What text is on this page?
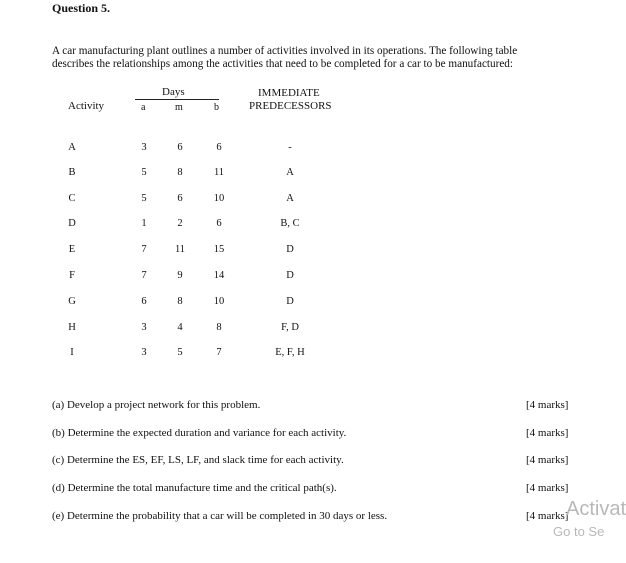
Question 5.
A car manufacturing plant outlines a number of activities involved in its operations. The following table
describes the relationships among the activities that need to be completed for a car to be manufactured:
Days
Activity	a	m	b
IMMEDIATE
PREDECESSORS
A	3	6	6	-
B	5	8	11	A
C	5	6	10	A
D	1	2	6	B, C
E	7	11	15	D
F	7	9	14	D
G	6	8	10	D
H	3	4	8	F, D
I	3	5	7	E, F, H
(a) Develop a project network for this problem.	[4 marks]
(b) Determine the expected duration and variance for each activity.	[4 marks]
(c) Determine the ES, EF, LS, LF, and slack time for each activity.	[4 marks]
(d) Determine the total manufacture time and the critical path(s).	[4 marks]
(e) Determine the probability that a car will be completed in 30 days or less.	[4 marks]
Activat
Go to Se
